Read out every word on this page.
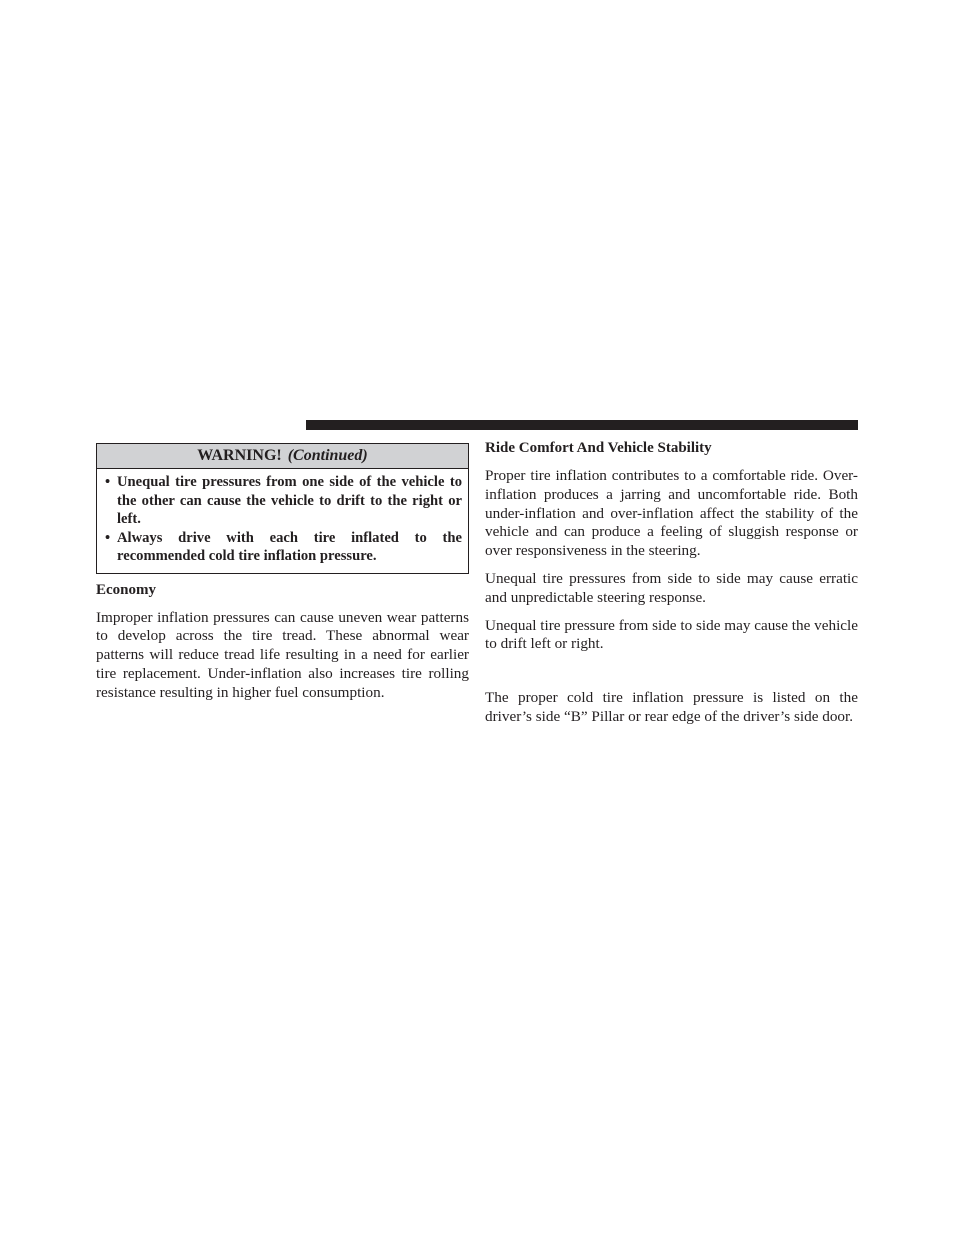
WARNING! (Continued)
• Unequal tire pressures from one side of the vehicle to the other can cause the vehicle to drift to the right or left.
• Always drive with each tire inflated to the recommended cold tire inflation pressure.

Economy

Improper inflation pressures can cause uneven wear patterns to develop across the tire tread. These abnormal wear patterns will reduce tread life resulting in a need for earlier tire replacement. Under-inflation also increases tire rolling resistance resulting in higher fuel consumption.

Ride Comfort And Vehicle Stability

Proper tire inflation contributes to a comfortable ride. Over-inflation produces a jarring and uncomfortable ride. Both under-inflation and over-inflation affect the stability of the vehicle and can produce a feeling of sluggish response or over responsiveness in the steering.

Unequal tire pressures from side to side may cause erratic and unpredictable steering response.

Unequal tire pressure from side to side may cause the vehicle to drift left or right.

The proper cold tire inflation pressure is listed on the driver’s side “B” Pillar or rear edge of the driver’s side door.
